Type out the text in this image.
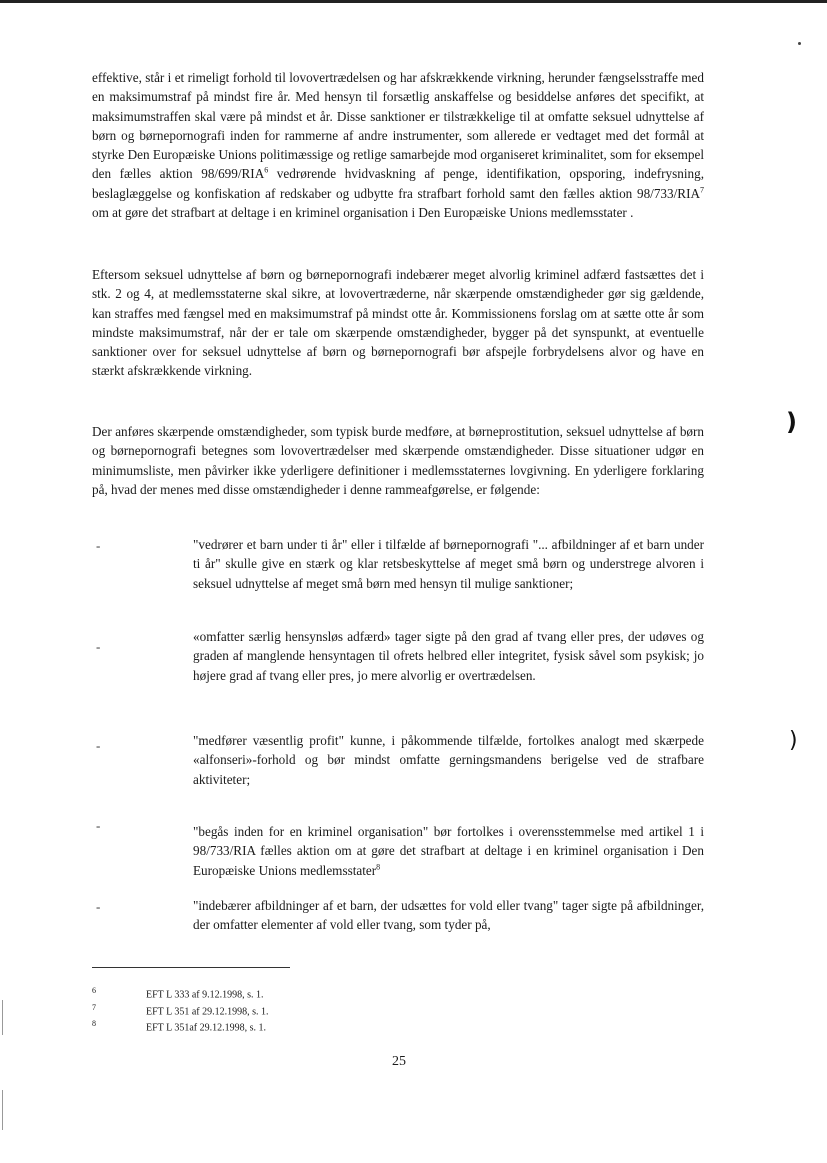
effektive, står i et rimeligt forhold til lovovertrædelsen og har afskrækkende virkning, herunder fængselsstraffe med en maksimumstraf på mindst fire år. Med hensyn til forsætlig anskaffelse og besiddelse anføres det specifikt, at maksimumstraffen skal være på mindst et år. Disse sanktioner er tilstrækkelige til at omfatte seksuel udnyttelse af børn og børnepornografi inden for rammerne af andre instrumenter, som allerede er vedtaget med det formål at styrke Den Europæiske Unions politimæssige og retlige samarbejde mod organiseret kriminalitet, som for eksempel den fælles aktion 98/699/RIA$^6$ vedrørende hvidvaskning af penge, identifikation, opsporing, indefrysning, beslaglæggelse og konfiskation af redskaber og udbytte fra strafbart forhold samt den fælles aktion 98/733/RIA$^7$ om at gøre det strafbart at deltage i en kriminel organisation i Den Europæiske Unions medlemsstater .

Eftersom seksuel udnyttelse af børn og børnepornografi indebærer meget alvorlig kriminel adfærd fastsættes det i stk. 2 og 4, at medlemsstaterne skal sikre, at lovovertræderne, når skærpende omstændigheder gør sig gældende, kan straffes med fængsel med en maksimumstraf på mindst otte år. Kommissionens forslag om at sætte otte år som mindste maksimumstraf, når der er tale om skærpende omstændigheder, bygger på det synspunkt, at eventuelle sanktioner over for seksuel udnyttelse af børn og børnepornografi bør afspejle forbrydelsens alvor og have en stærkt afskrækkende virkning.

Der anføres skærpende omstændigheder, som typisk burde medføre, at børneprostitution, seksuel udnyttelse af børn og børnepornografi betegnes som lovovertrædelser med skærpende omstændigheder. Disse situationer udgør en minimumsliste, men påvirker ikke yderligere definitioner i medlemsstaternes lovgivning. En yderligere forklaring på, hvad der menes med disse omstændigheder i denne rammeafgørelse, er følgende:

-	"vedrører et barn under ti år" eller i tilfælde af børnepornografi "... afbildninger af et barn under ti år" skulle give en stærk og klar retsbeskyttelse af meget små børn og understrege alvoren i seksuel udnyttelse af meget små børn med hensyn til mulige sanktioner;

-

«omfatter særlig hensynsløs adfærd» tager sigte på den grad af tvang eller pres, der udøves og graden af manglende hensyntagen til ofrets helbred eller integritet, fysisk såvel som psykisk; jo højere grad af tvang eller pres, jo mere alvorlig er overtrædelsen.

-	"medfører væsentlig profit" kunne, i påkommende tilfælde, fortolkes analogt med skærpede «alfonseri»-forhold og bør mindst omfatte gerningsmandens berigelse ved de strafbare aktiviteter;

-	"begås inden for en kriminel organisation" bør fortolkes i overensstemmelse med artikel 1 i 98/733/RIA fælles aktion om at gøre det strafbart at deltage i en kriminel organisation i Den Europæiske Unions medlemsstater$^8$

-	"indebærer afbildninger af et barn, der udsættes for vold eller tvang" tager sigte på afbildninger, der omfatter elementer af vold eller tvang, som tyder på,

)
)
6	EFT L 333 af 9.12.1998, s. 1.
7	EFT L 351 af 29.12.1998, s. 1.
8	EFT L 351af 29.12.1998, s. 1.
25
